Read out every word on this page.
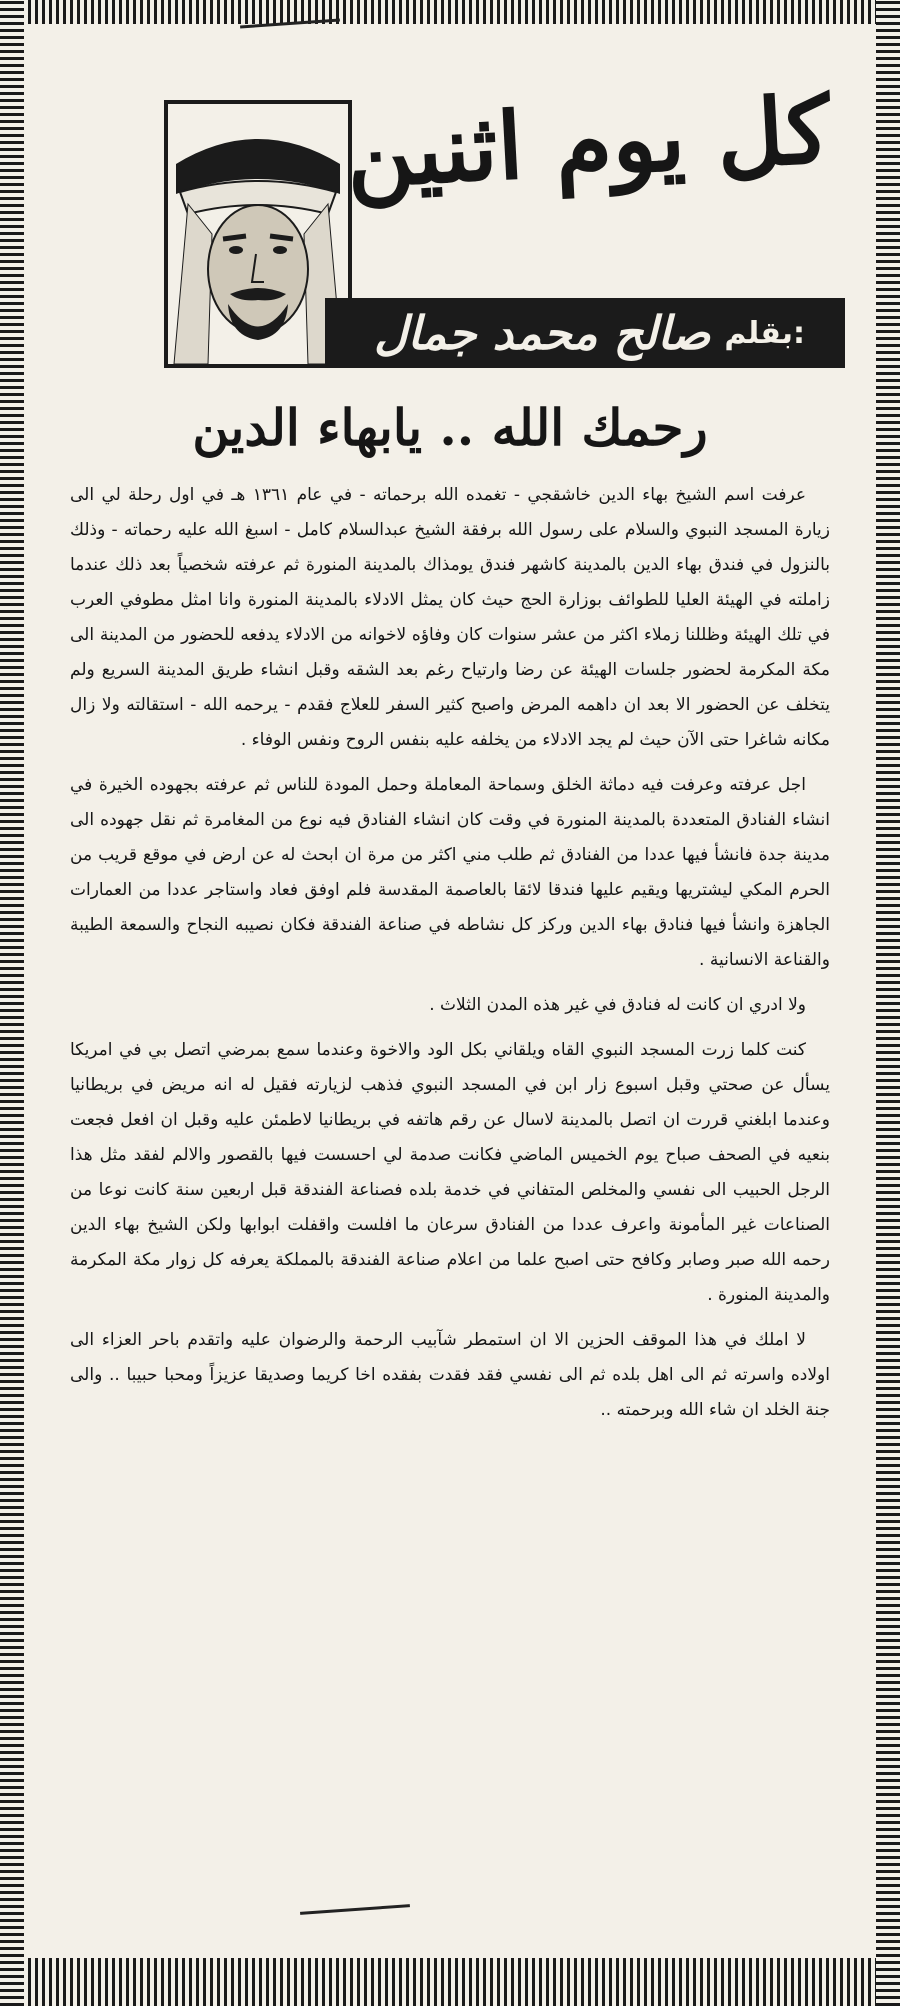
كل يوم اثنين
صالح محمد جمال بقلم:
رحمك الله .. يابهاء الدين

عرفت اسم الشيخ بهاء الدين خاشقجي - تغمده الله برحماته - في عام ١٣٦١ هـ في اول رحلة لي الى زيارة المسجد النبوي والسلام على رسول الله برفقة الشيخ عبدالسلام كامل - اسبغ الله عليه رحماته - وذلك بالنزول في فندق بهاء الدين بالمدينة كاشهر فندق يومذاك بالمدينة المنورة ثم عرفته شخصياً بعد ذلك عندما زاملته في الهيئة العليا للطوائف بوزارة الحج حيث كان يمثل الادلاء بالمدينة المنورة وانا امثل مطوفي العرب في تلك الهيئة وظللنا زملاء اكثر من عشر سنوات كان وفاؤه لاخوانه من الادلاء يدفعه للحضور من المدينة الى مكة المكرمة لحضور جلسات الهيئة عن رضا وارتياح رغم بعد الشقه وقبل انشاء طريق المدينة السريع ولم يتخلف عن الحضور الا بعد ان داهمه المرض واصبح كثير السفر للعلاج فقدم - يرحمه الله - استقالته ولا زال مكانه شاغرا حتى الآن حيث لم يجد الادلاء من يخلفه عليه بنفس الروح ونفس الوفاء .

اجل عرفته وعرفت فيه دماثة الخلق وسماحة المعاملة وحمل المودة للناس ثم عرفته بجهوده الخيرة في انشاء الفنادق المتعددة بالمدينة المنورة في وقت كان انشاء الفنادق فيه نوع من المغامرة ثم نقل جهوده الى مدينة جدة فانشأ فيها عددا من الفنادق ثم طلب مني اكثر من مرة ان ابحث له عن ارض في موقع قريب من الحرم المكي ليشتريها ويقيم عليها فندقا لائقا بالعاصمة المقدسة فلم اوفق فعاد واستاجر عددا من العمارات الجاهزة وانشأ فيها فنادق بهاء الدين وركز كل نشاطه في صناعة الفندقة فكان نصيبه النجاح والسمعة الطيبة والقناعة الانسانية .

ولا ادري ان كانت له فنادق في غير هذه المدن الثلاث .

كنت كلما زرت المسجد النبوي القاه ويلقاني بكل الود والاخوة وعندما سمع بمرضي اتصل بي في امريكا يسأل عن صحتي وقبل اسبوع زار ابن في المسجد النبوي فذهب لزيارته فقيل له انه مريض في بريطانيا وعندما ابلغني قررت ان اتصل بالمدينة لاسال عن رقم هاتفه في بريطانيا لاطمئن عليه وقبل ان افعل فجعت بنعيه في الصحف صباح يوم الخميس الماضي فكانت صدمة لي احسست فيها بالقصور والالم لفقد مثل هذا الرجل الحبيب الى نفسي والمخلص المتفاني في خدمة بلده فصناعة الفندقة قبل اربعين سنة كانت نوعا من الصناعات غير المأمونة واعرف عددا من الفنادق سرعان ما افلست واقفلت ابوابها ولكن الشيخ بهاء الدين رحمه الله صبر وصابر وكافح حتى اصبح علما من اعلام صناعة الفندقة بالمملكة يعرفه كل زوار مكة المكرمة والمدينة المنورة .

لا املك في هذا الموقف الحزين الا ان استمطر شآبيب الرحمة والرضوان عليه واتقدم باحر العزاء الى اولاده واسرته ثم الى اهل بلده ثم الى نفسي فقد فقدت بفقده اخا كريما وصديقا عزيزاً ومحبا حبيبا .. والى جنة الخلد ان شاء الله وبرحمته ..
